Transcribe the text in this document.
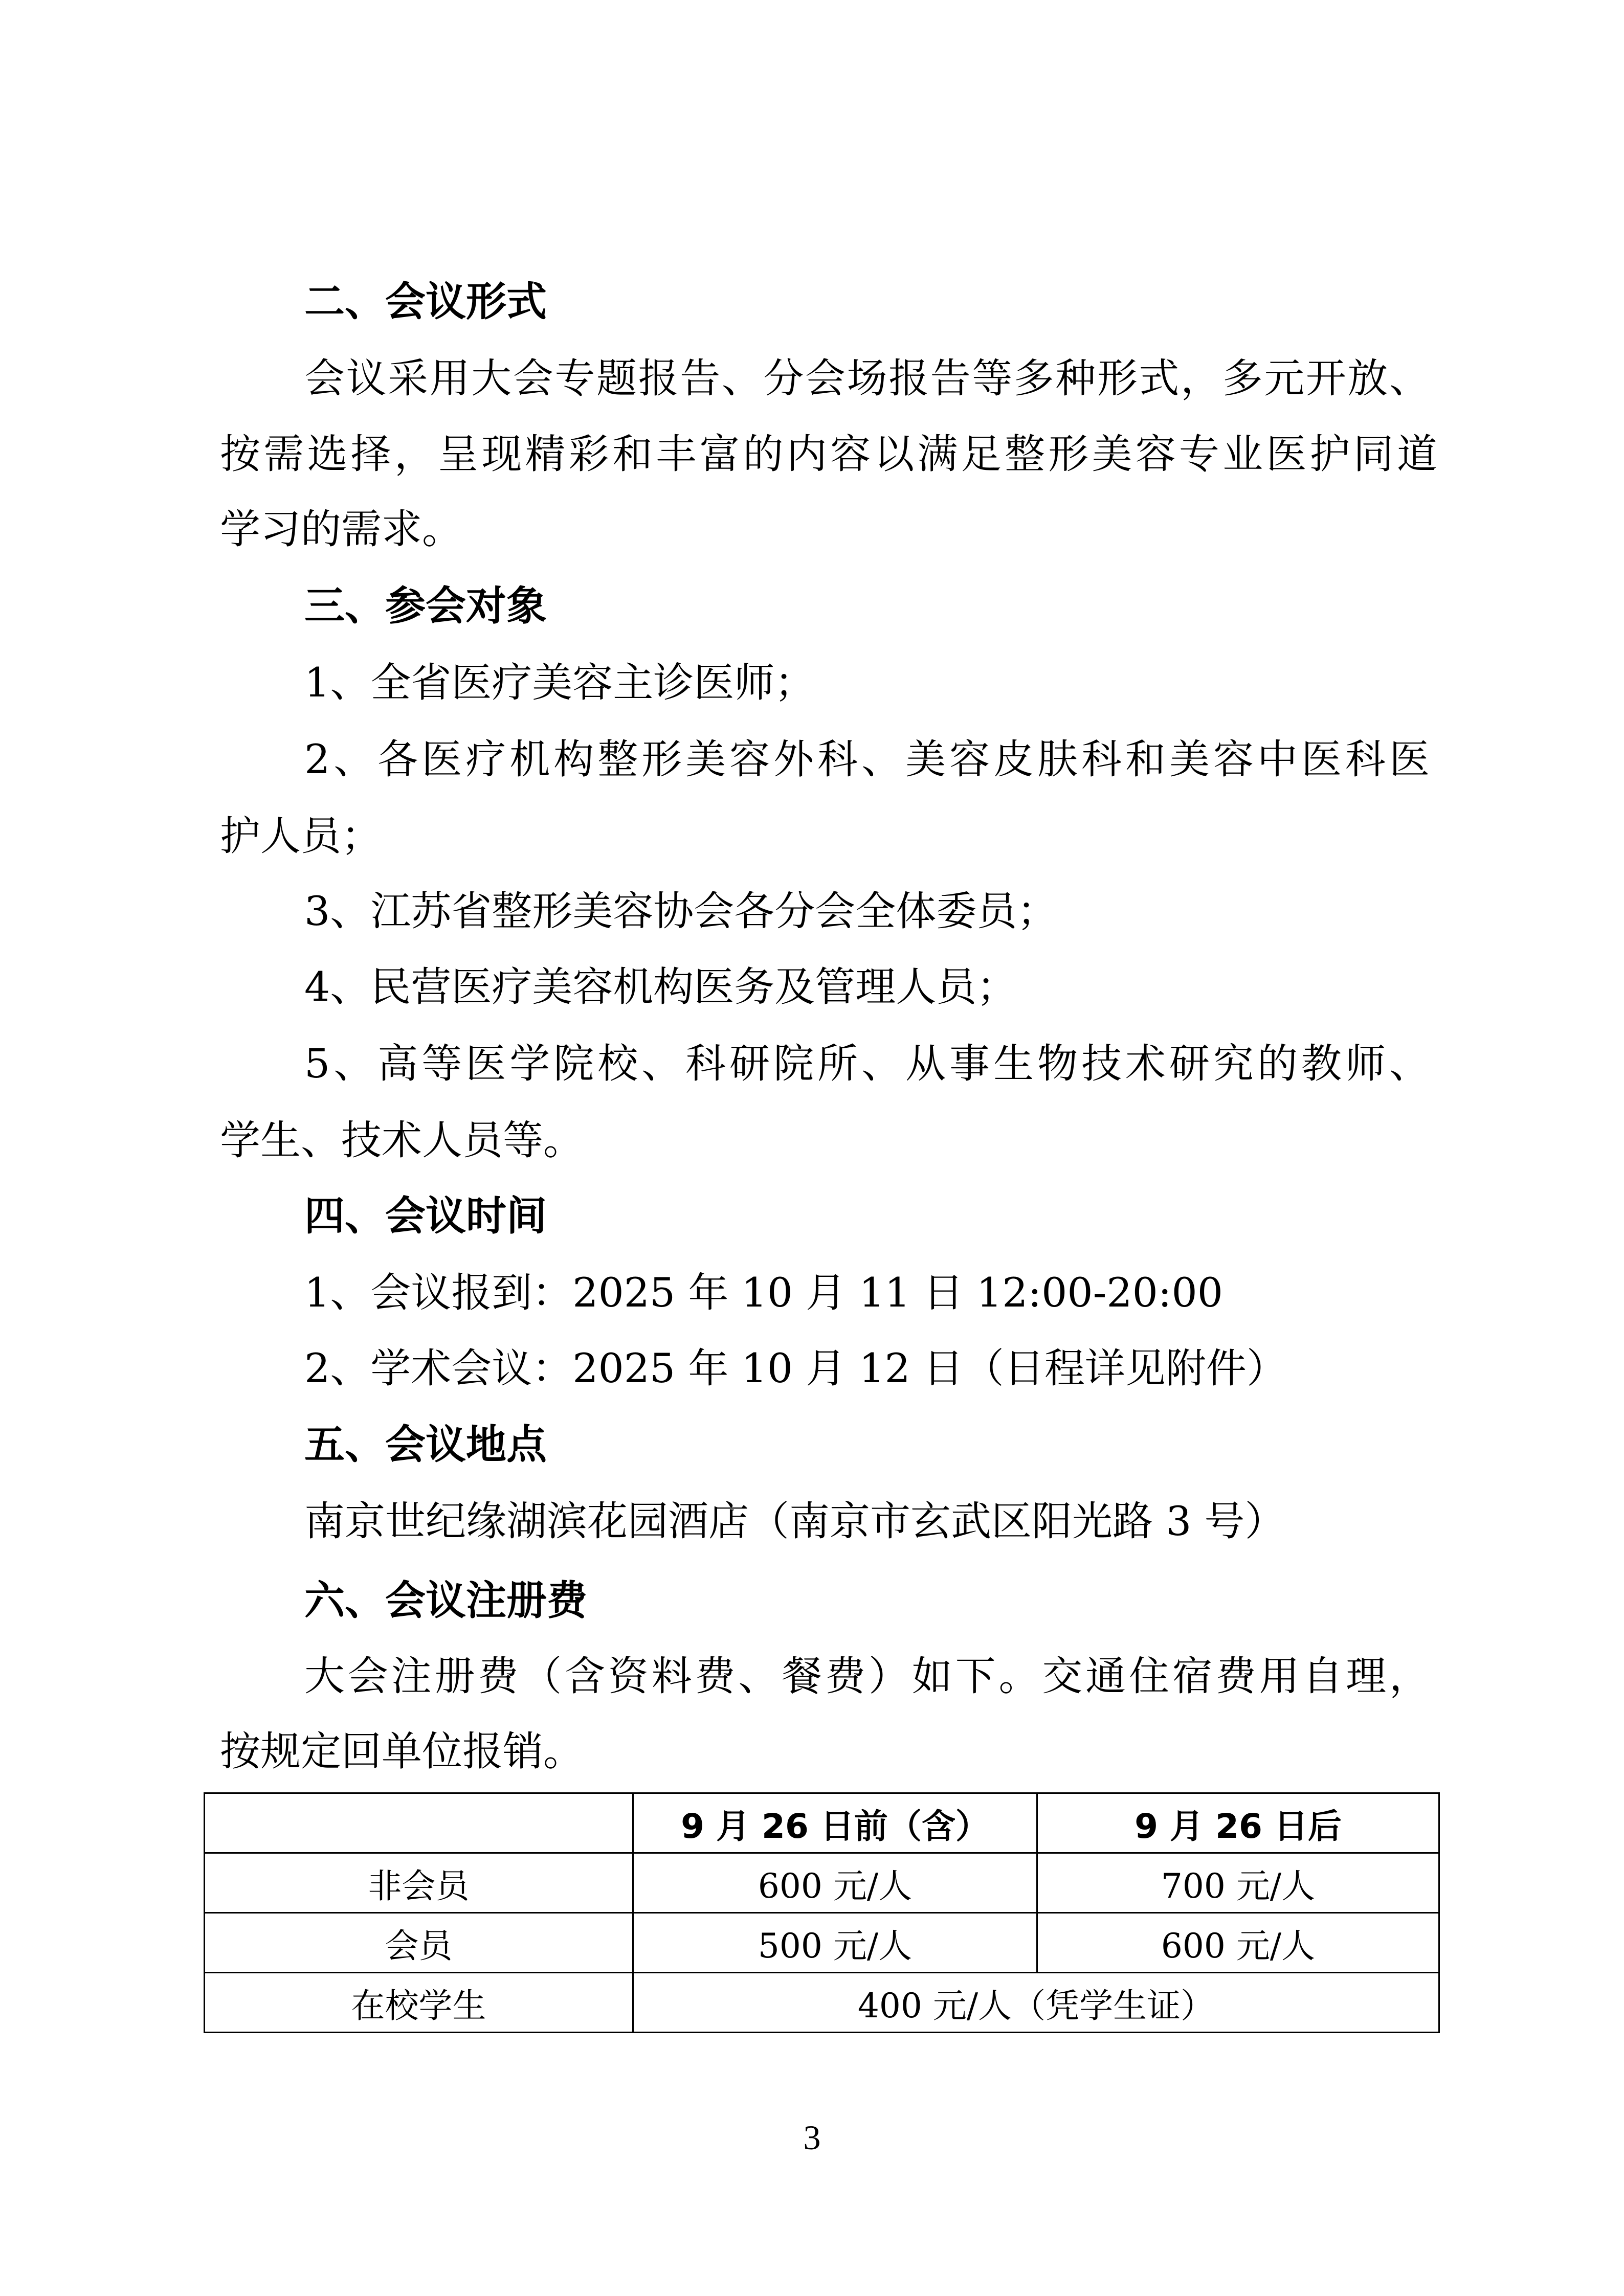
二、会议形式
会议采用大会专题报告、分会场报告等多种形式，多元开放、
按需选择，呈现精彩和丰富的内容以满足整形美容专业医护同道
学习的需求。
三、参会对象
1、全省医疗美容主诊医师；
2、各医疗机构整形美容外科、美容皮肤科和美容中医科医
护人员；
3、江苏省整形美容协会各分会全体委员；
4、民营医疗美容机构医务及管理人员；
5、高等医学院校、科研院所、从事生物技术研究的教师、
学生、技术人员等。
四、会议时间
1、会议报到：2025 年 10 月 11 日 12:00-20:00
2、学术会议：2025 年 10 月 12 日（日程详见附件）
五、会议地点
南京世纪缘湖滨花园酒店（南京市玄武区阳光路 3 号）
六、会议注册费
大会注册费（含资料费、餐费）如下。交通住宿费用自理，
按规定回单位报销。
	9 月 26 日前（含）	9 月 26 日后
非会员	600 元/人	700 元/人
会员	500 元/人	600 元/人
在校学生	400 元/人（凭学生证）	
3
